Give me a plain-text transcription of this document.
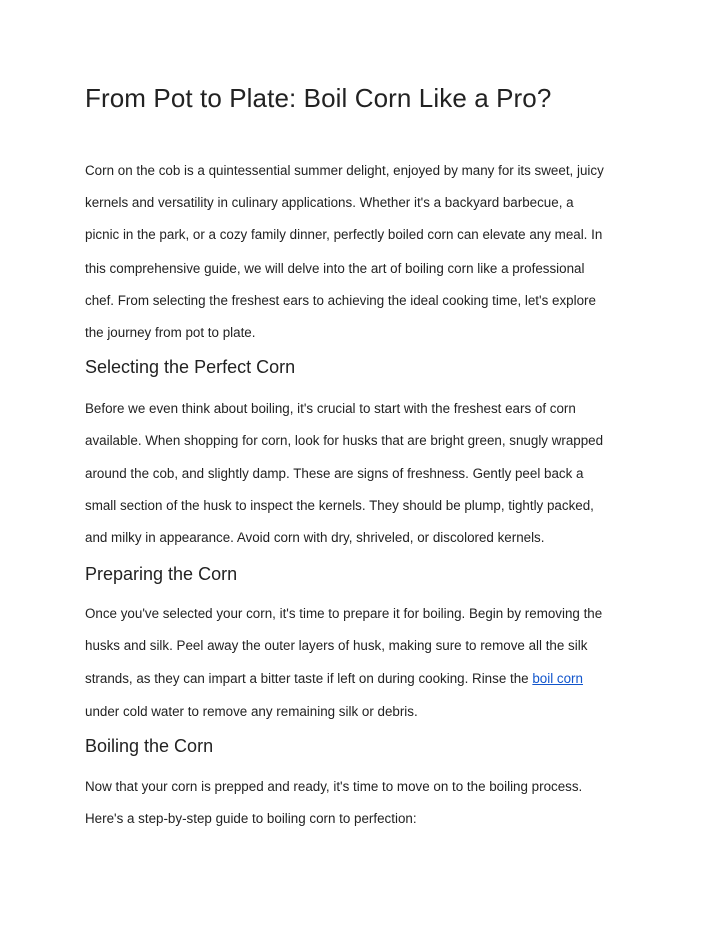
From Pot to Plate: Boil Corn Like a Pro?

Corn on the cob is a quintessential summer delight, enjoyed by many for its sweet, juicy

kernels and versatility in culinary applications. Whether it's a backyard barbecue, a

picnic in the park, or a cozy family dinner, perfectly boiled corn can elevate any meal. In

this comprehensive guide, we will delve into the art of boiling corn like a professional

chef. From selecting the freshest ears to achieving the ideal cooking time, let's explore

the journey from pot to plate.

Selecting the Perfect Corn

Before we even think about boiling, it's crucial to start with the freshest ears of corn

available. When shopping for corn, look for husks that are bright green, snugly wrapped

around the cob, and slightly damp. These are signs of freshness. Gently peel back a

small section of the husk to inspect the kernels. They should be plump, tightly packed,

and milky in appearance. Avoid corn with dry, shriveled, or discolored kernels.

Preparing the Corn

Once you've selected your corn, it's time to prepare it for boiling. Begin by removing the

husks and silk. Peel away the outer layers of husk, making sure to remove all the silk

strands, as they can impart a bitter taste if left on during cooking. Rinse the boil corn

under cold water to remove any remaining silk or debris.

Boiling the Corn

Now that your corn is prepped and ready, it's time to move on to the boiling process.

Here's a step-by-step guide to boiling corn to perfection:
